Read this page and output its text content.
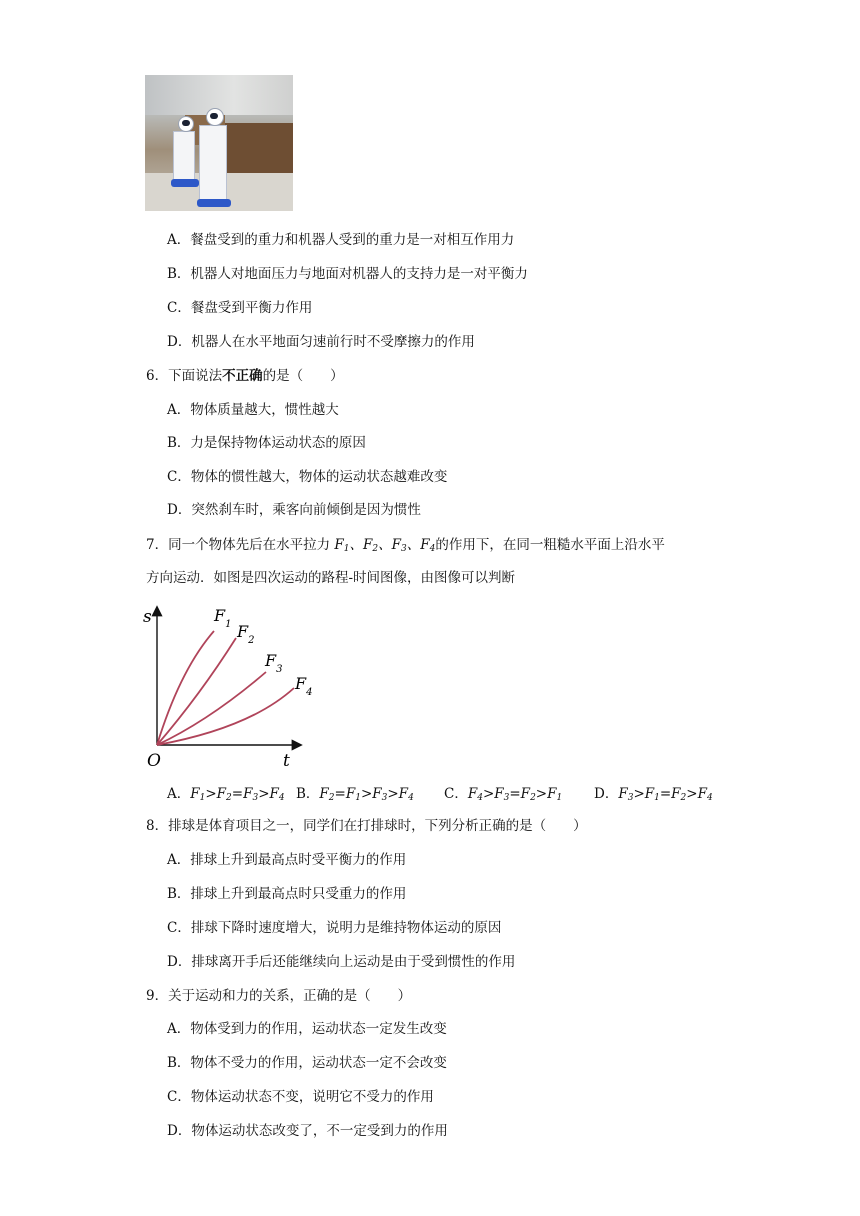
A．餐盘受到的重力和机器人受到的重力是一对相互作用力
B．机器人对地面压力与地面对机器人的支持力是一对平衡力
C．餐盘受到平衡力作用
D．机器人在水平地面匀速前行时不受摩擦力的作用
6．下面说法不正确的是（　　）
A．物体质量越大，惯性越大
B．力是保持物体运动状态的原因
C．物体的惯性越大，物体的运动状态越难改变
D．突然刹车时，乘客向前倾倒是因为惯性
7．同一个物体先后在水平拉力 $F_1$、$F_2$、$F_3$、$F_4$的作用下，在同一粗糙水平面上沿水平
方向运动．如图是四次运动的路程-时间图像，由图像可以判断
s
t
O
$F_1$ $F_2$
$F_3$
$F_4$
A．$F_1>F_2=F_3>F_4$ B．$F_2=F_1>F_3>F_4$ C．$F_4>F_3=F_2>F_1$ D．$F_3>F_1=F_2>F_4$
8．排球是体育项目之一，同学们在打排球时，下列分析正确的是（　　）
A．排球上升到最高点时受平衡力的作用
B．排球上升到最高点时只受重力的作用
C．排球下降时速度增大，说明力是维持物体运动的原因
D．排球离开手后还能继续向上运动是由于受到惯性的作用
9．关于运动和力的关系，正确的是（　　）
A．物体受到力的作用，运动状态一定发生改变
B．物体不受力的作用，运动状态一定不会改变
C．物体运动状态不变，说明它不受力的作用
D．物体运动状态改变了，不一定受到力的作用
